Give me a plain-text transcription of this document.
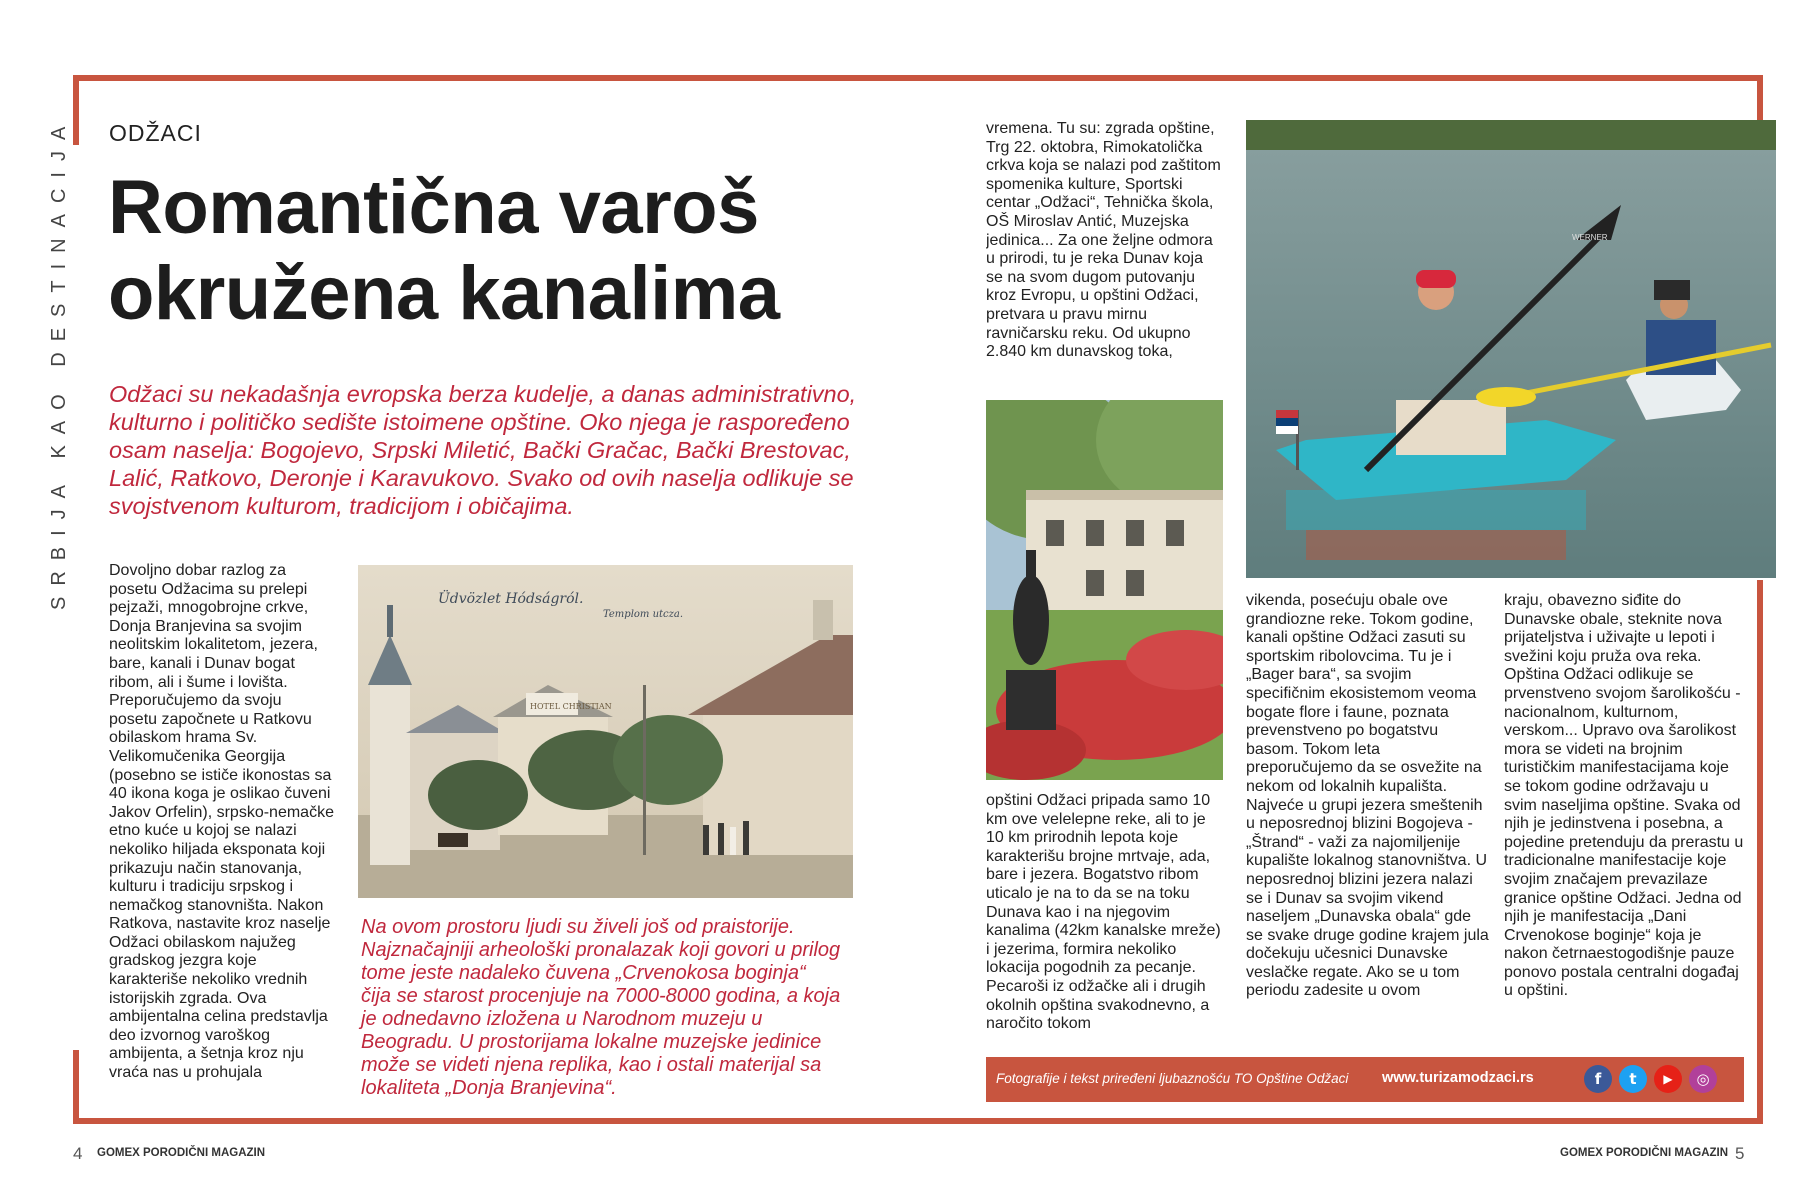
SRBIJA KAO DESTINACIJA ODŽACI
Romantična varoš
okružena kanalima
Odžaci su nekadašnja evropska berza kudelje, a danas administrativno, kulturno i političko sedište istoimene opštine. Oko njega je raspoređeno osam naselja: Bogojevo, Srpski Miletić, Bački Gračac, Bački Brestovac, Lalić, Ratkovo, Deronje i Karavukovo. Svako od ovih naselja odlikuje se svojstvenom kulturom, tradicijom i običajima.
Dovoljno dobar razlog za posetu Odžacima su prelepi pejzaži, mnogobrojne crkve, Donja Branjevina sa svojim neolitskim lokalitetom, jezera, bare, kanali i Dunav bogat ribom, ali i šume i lovišta. Preporučujemo da svoju posetu započnete u Ratkovu obilaskom hrama Sv. Velikomučenika Georgija (posebno se ističe ikonostas sa 40 ikona koga je oslikao čuveni Jakov Orfelin), srpsko-nemačke etno kuće u kojoj se nalazi nekoliko hiljada eksponata koji prikazuju način stanovanja, kulturu i tradiciju srpskog i nemačkog stanovništa. Nakon Ratkova, nastavite kroz naselje Odžaci obilaskom najužeg gradskog jezgra koje karakteriše nekoliko vrednih istorijskih zgrada. Ova ambijentalna celina predstavlja deo izvornog varoškog ambijenta, a šetnja kroz nju vraća nas u prohujala
HOTEL CHRISTIAN
Üdvözlet Hódságról.
Templom utcza.
Na ovom prostoru ljudi su živeli još od praistorije. Najznačajniji arheološki pronalazak koji govori u prilog tome jeste nadaleko čuvena „Crvenokosa boginja“ čija se starost procenjuje na 7000-8000 godina, a koja je odnedavno izložena u Narodnom muzeju u Beogradu. U prostorijama lokalne muzejske jedinice može se videti njena replika, kao i ostali materijal sa lokaliteta „Donja Branjevina“.
vremena. Tu su: zgrada opštine, Trg 22. oktobra, Rimokatolička crkva koja se nalazi pod zaštitom spomenika kulture, Sportski centar „Odžaci“, Tehnička škola, OŠ Miroslav Antić, Muzejska jedinica... Za one željne odmora u prirodi, tu je reka Dunav koja se na svom dugom putovanju kroz Evropu, u opštini Odžaci, pretvara u pravu mirnu ravničarsku reku. Od ukupno 2.840 km dunavskog toka,
opštini Odžaci pripada samo 10 km ove velelepne reke, ali to je 10 km prirodnih lepota koje karakterišu brojne mrtvaje, ada, bare i jezera. Bogatstvo ribom uticalo je na to da se na toku Dunava kao i na njegovim kanalima (42km kanalske mreže) i jezerima, formira nekoliko lokacija pogodnih za pecanje. Pecaroši iz odžačke ali i drugih okolnih opština svakodnevno, a naročito tokom
WERNER
vikenda, posećuju obale ove grandiozne reke. Tokom godine, kanali opštine Odžaci zasuti su sportskim ribolovcima. Tu je i „Bager bara“, sa svojim specifičnim ekosistemom veoma bogate flore i faune, poznata prevenstveno po bogatstvu basom. Tokom leta preporučujemo da se osvežite na nekom od lokalnih kupališta. Najveće u grupi jezera smeštenih u neposrednoj blizini Bogojeva - „Štrand“ - važi za najomiljenije kupalište lokalnog stanovništva. U neposrednoj blizini jezera nalazi se i Dunav sa svojim vikend naseljem „Dunavska obala“ gde se svake druge godine krajem jula dočekuju učesnici Dunavske veslačke regate. Ako se u tom periodu zadesite u ovom
kraju, obavezno siđite do Dunavske obale, steknite nova prijateljstva i uživajte u lepoti i svežini koju pruža ova reka. Opština Odžaci odlikuje se prvenstveno svojom šarolikošću - nacionalnom, kulturnom, verskom... Upravo ova šarolikost mora se videti na brojnim turističkim manifestacijama koje se tokom godine održavaju u svim naseljima opštine. Svaka od njih je jedinstvena i posebna, a pojedine pretenduju da prerastu u tradicionalne manifestacije koje svojim značajem prevazilaze granice opštine Odžaci. Jedna od njih je manifestacija „Dani Crvenokose boginje“ koja je nakon četrnaestogodišnje pauze ponovo postala centralni događaj u opštini.
Fotografije i tekst priređeni ljubaznošću TO Opštine Odžaci www.turizamodzaci.rs	f	t	▶	◎
4 GOMEX PORODIČNI MAGAZIN	GOMEX PORODIČNI MAGAZIN 5
